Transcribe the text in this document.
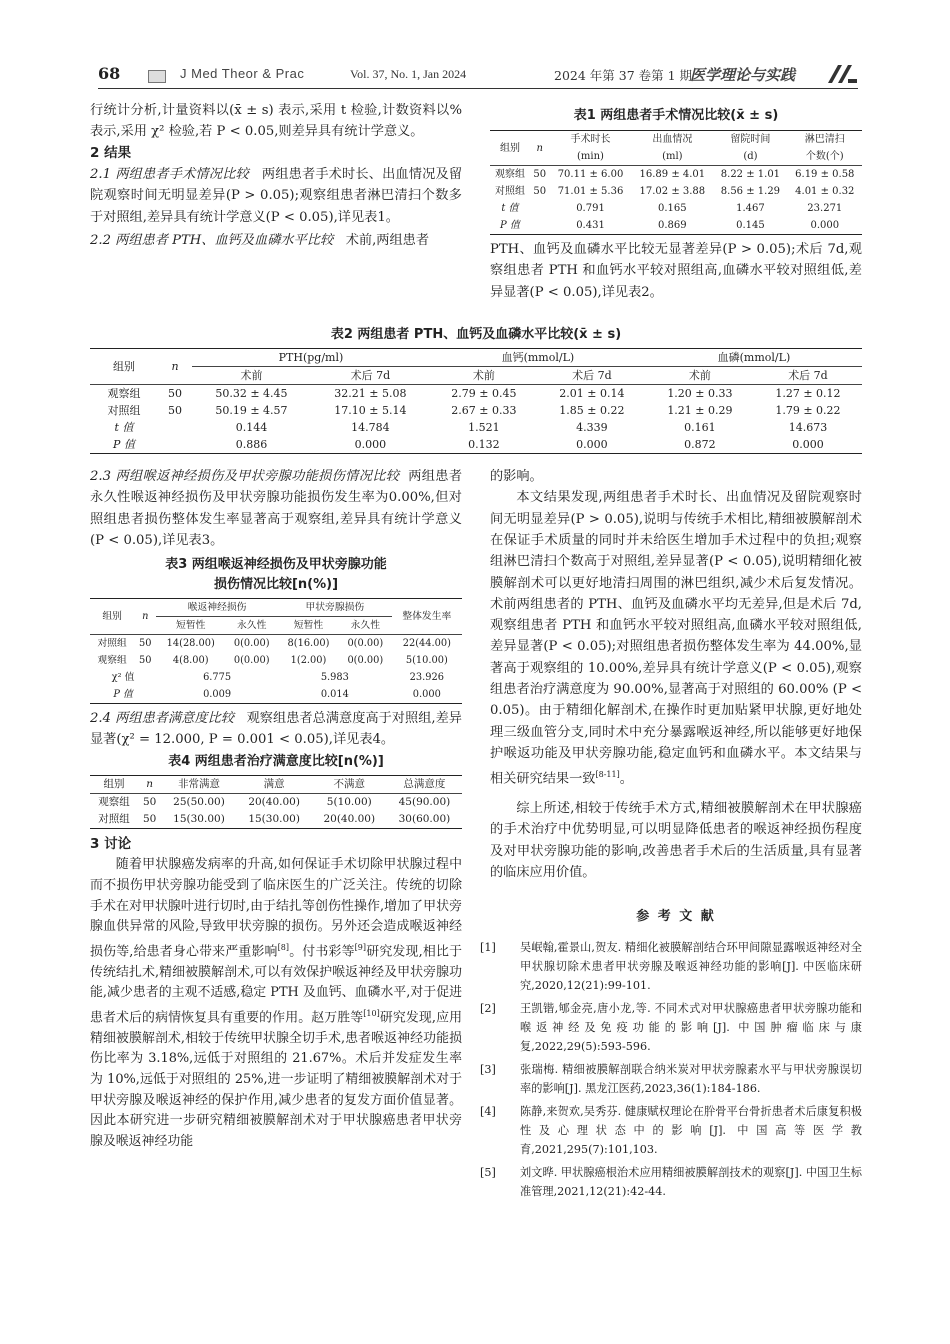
68	J Med Theor & Prac	Vol. 37, No. 1, Jan 2024	2024 年第 37 卷第 1 期
医学理论与实践

行统计分析,计量资料以(x̄ ± s) 表示,采用 t 检验,计数资料以% 表示,采用 χ² 检验,若 P < 0.05,则差异具有统计学意义。

2 结果

2.1 两组患者手术情况比较 两组患者手术时长、出血情况及留院观察时间无明显差异(P > 0.05);观察组患者淋巴清扫个数多于对照组,差异具有统计学意义(P < 0.05),详见表1。

2.2 两组患者 PTH、血钙及血磷水平比较 术前,两组患者

表1 两组患者手术情况比较(x̄ ± s)
组别	n	手术时长	出血情况	留院时间	淋巴清扫
		(min)	(ml)	(d)	个数(个)
观察组	50	70.11 ± 6.00	16.89 ± 4.01	8.22 ± 1.01	6.19 ± 0.58
对照组	50	71.01 ± 5.36	17.02 ± 3.88	8.56 ± 1.29	4.01 ± 0.32
t 值		0.791	0.165	1.467	23.271
P 值		0.431	0.869	0.145	0.000

PTH、血钙及血磷水平比较无显著差异(P > 0.05);术后 7d,观察组患者 PTH 和血钙水平较对照组高,血磷水平较对照组低,差异显著(P < 0.05),详见表2。

表2 两组患者 PTH、血钙及血磷水平比较(x̄ ± s)
组别	n	PTH(pg/ml)		血钙(mmol/L)		血磷(mmol/L)	
		术前	术后 7d	术前	术后 7d	术前	术后 7d
观察组	50	50.32 ± 4.45	32.21 ± 5.08	2.79 ± 0.45	2.01 ± 0.14	1.20 ± 0.33	1.27 ± 0.12
对照组	50	50.19 ± 4.57	17.10 ± 5.14	2.67 ± 0.33	1.85 ± 0.22	1.21 ± 0.29	1.79 ± 0.22
t 值		0.144	14.784	1.521	4.339	0.161	14.673
P 值		0.886	0.000	0.132	0.000	0.872	0.000

2.3 两组喉返神经损伤及甲状旁腺功能损伤情况比较 两组患者永久性喉返神经损伤及甲状旁腺功能损伤发生率为0.00%,但对照组患者损伤整体发生率显著高于观察组,差异具有统计学意义(P < 0.05),详见表3。

表3 两组喉返神经损伤及甲状旁腺功能
损伤情况比较[n(%)]
组别	n	喉返神经损伤		甲状旁腺损伤		整体发生率
		短暂性	永久性	短暂性	永久性	
对照组	50	14(28.00)	0(0.00)	8(16.00)	0(0.00)	22(44.00)
观察组	50	4(8.00)	0(0.00)	1(2.00)	0(0.00)	5(10.00)
χ² 值		6.775		5.983		23.926
P 值		0.009		0.014		0.000

2.4 两组患者满意度比较 观察组患者总满意度高于对照组,差异显著(χ² = 12.000, P = 0.001 < 0.05),详见表4。

表4 两组患者治疗满意度比较[n(%)]
组别	n	非常满意	满意	不满意	总满意度
观察组	50	25(50.00)	20(40.00)	5(10.00)	45(90.00)
对照组	50	15(30.00)	15(30.00)	20(40.00)	30(60.00)

3 讨论

随着甲状腺癌发病率的升高,如何保证手术切除甲状腺过程中而不损伤甲状旁腺功能受到了临床医生的广泛关注。传统的切除手术在对甲状腺叶进行切时,由于结扎等创伤性操作,增加了甲状旁腺血供异常的风险,导致甲状旁腺的损伤。另外还会造成喉返神经损伤等,给患者身心带来严重影响[8]。付书彩等[9]研究发现,相比于传统结扎术,精细被膜解剖术,可以有效保护喉返神经及甲状旁腺功能,减少患者的主观不适感,稳定 PTH 及血钙、血磷水平,对于促进患者术后的病情恢复具有重要的作用。赵万胜等[10]研究发现,应用精细被膜解剖术,相较于传统甲状腺全切手术,患者喉返神经功能损伤比率为 3.18%,远低于对照组的 21.67%。术后并发症发生率为 10%,远低于对照组的 25%,进一步证明了精细被膜解剖术对于甲状旁腺及喉返神经的保护作用,减少患者的复发方面价值显著。因此本研究进一步研究精细被膜解剖术对于甲状腺癌患者甲状旁腺及喉返神经功能

的影响。

本文结果发现,两组患者手术时长、出血情况及留院观察时间无明显差异(P > 0.05),说明与传统手术相比,精细被膜解剖术在保证手术质量的同时并未给医生增加手术过程中的负担;观察组淋巴清扫个数高于对照组,差异显著(P < 0.05),说明精细化被膜解剖术可以更好地清扫周围的淋巴组织,减少术后复发情况。术前两组患者的 PTH、血钙及血磷水平均无差异,但是术后 7d,观察组患者 PTH 和血钙水平较对照组高,血磷水平较对照组低,差异显著(P < 0.05);对照组患者损伤整体发生率为 44.00%,显著高于观察组的 10.00%,差异具有统计学意义(P < 0.05),观察组患者治疗满意度为 90.00%,显著高于对照组的 60.00% (P < 0.05)。由于精细化解剖术,在操作时更加贴紧甲状腺,更好地处理三级血管分支,同时术中充分暴露喉返神经,所以能够更好地保护喉返功能及甲状旁腺功能,稳定血钙和血磷水平。本文结果与相关研究结果一致[8-11]。

综上所述,相较于传统手术方式,精细被膜解剖术在甲状腺癌的手术治疗中优势明显,可以明显降低患者的喉返神经损伤程度及对甲状旁腺功能的影响,改善患者手术后的生活质量,具有显著的临床应用价值。

参 考 文 献
[1]	吴岷翰,霍景山,贺友. 精细化被膜解剖结合环甲间隙显露喉返神经对全甲状腺切除术患者甲状旁腺及喉返神经功能的影响[J]. 中医临床研究,2020,12(21):99-101.
[2]	王凯锴,郇金亮,唐小龙,等. 不同术式对甲状腺癌患者甲状旁腺功能和喉返神经及免疫功能的影响[J]. 中国肿瘤临床与康复,2022,29(5):593-596.
[3]	张瑞梅. 精细被膜解剖联合纳米炭对甲状旁腺素水平与甲状旁腺误切率的影响[J]. 黑龙江医药,2023,36(1):184-186.
[4]	陈静,来贺欢,吴秀芬. 健康赋权理论在肸骨平台骨折患者术后康复积极性及心理状态中的影响[J]. 中国高等医学教育,2021,295(7):101,103.
[5]	刘文晔. 甲状腺癌根治术应用精细被膜解剖技术的观察[J]. 中国卫生标准管理,2021,12(21):42-44.
